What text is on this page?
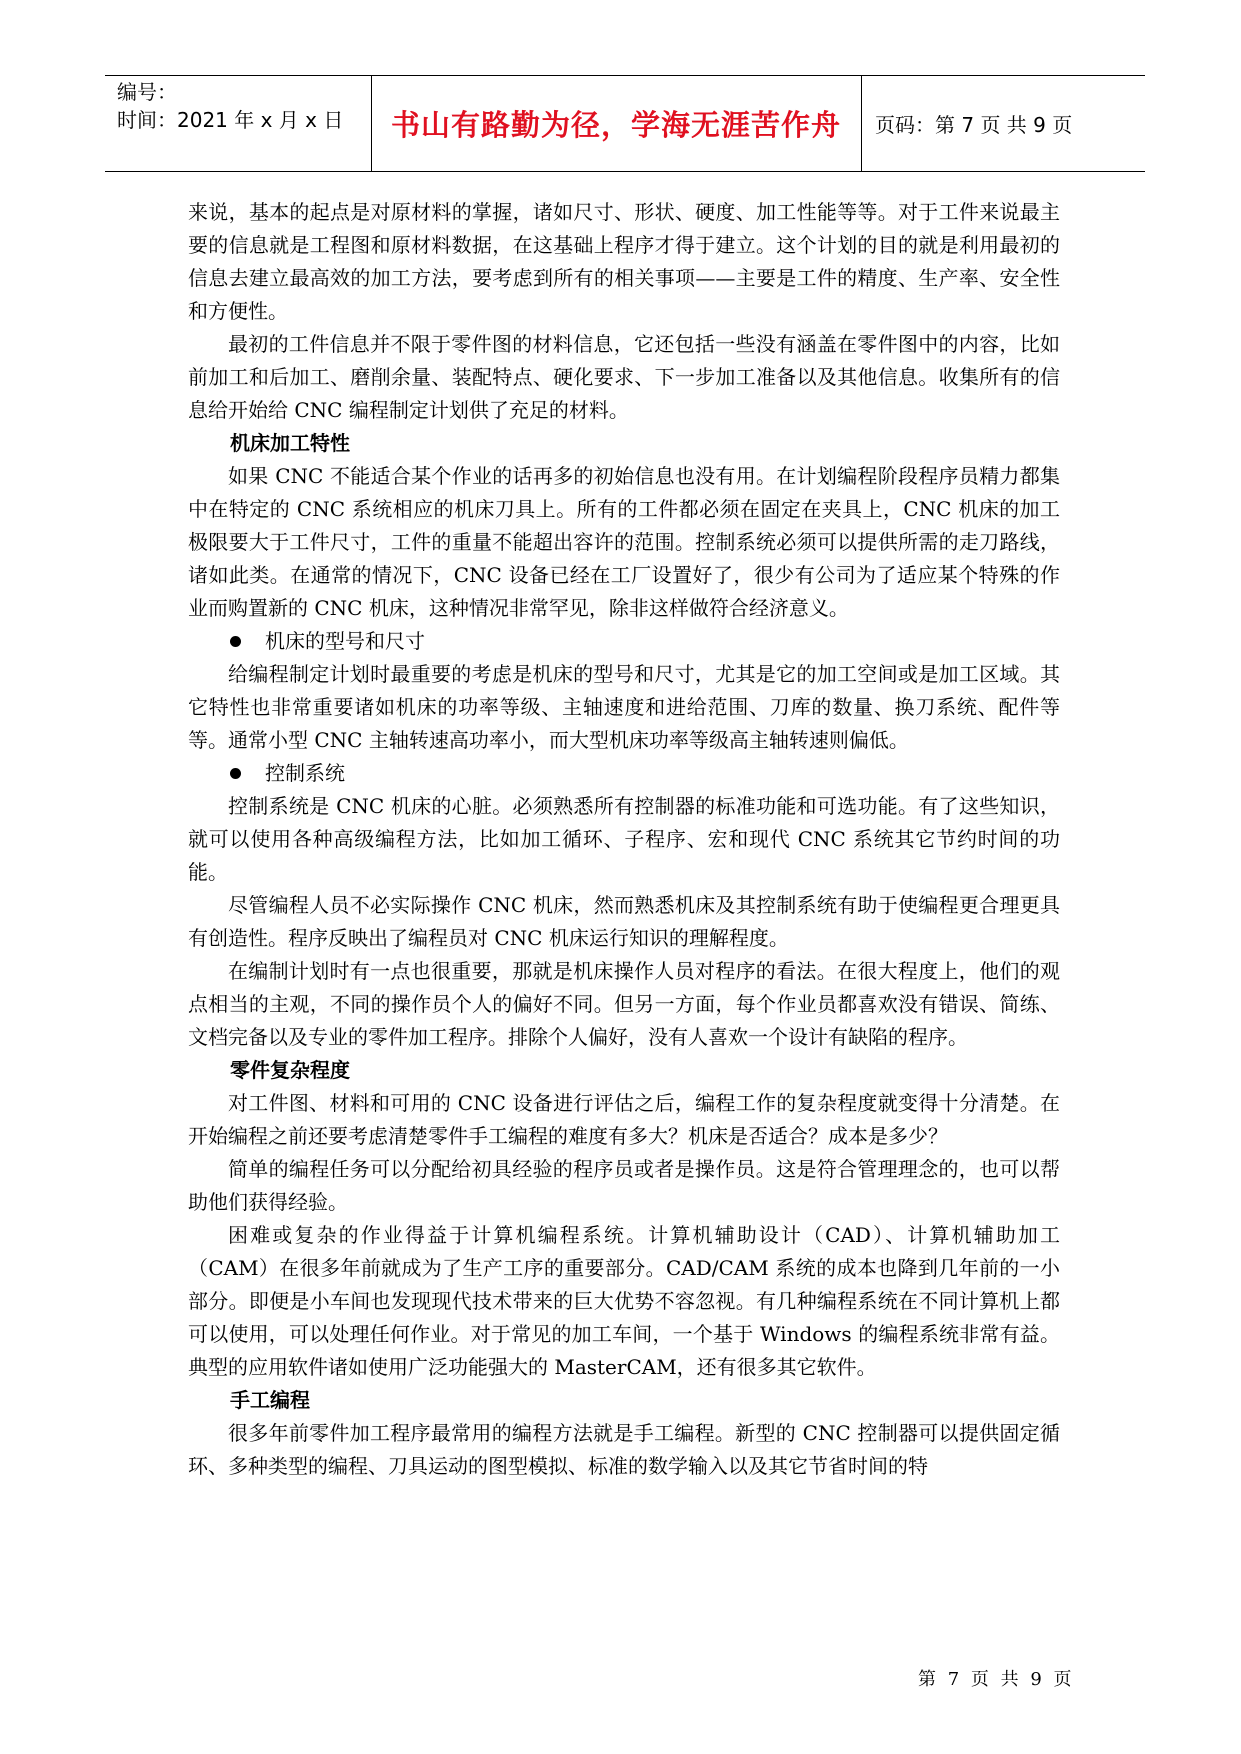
编号：
时间：2021 年 x 月 x 日	书山有路勤为径，学海无涯苦作舟	页码：第 7 页 共 9 页

来说，基本的起点是对原材料的掌握，诸如尺寸、形状、硬度、加工性能等等。对于工件来说最主要的信息就是工程图和原材料数据，在这基础上程序才得于建立。这个计划的目的就是利用最初的信息去建立最高效的加工方法，要考虑到所有的相关事项——主要是工件的精度、生产率、安全性和方便性。

最初的工件信息并不限于零件图的材料信息，它还包括一些没有涵盖在零件图中的内容，比如前加工和后加工、磨削余量、装配特点、硬化要求、下一步加工准备以及其他信息。收集所有的信息给开始给 CNC 编程制定计划供了充足的材料。

机床加工特性

如果 CNC 不能适合某个作业的话再多的初始信息也没有用。在计划编程阶段程序员精力都集中在特定的 CNC 系统相应的机床刀具上。所有的工件都必须在固定在夹具上，CNC 机床的加工极限要大于工件尺寸，工件的重量不能超出容许的范围。控制系统必须可以提供所需的走刀路线，诸如此类。在通常的情况下，CNC 设备已经在工厂设置好了，很少有公司为了适应某个特殊的作业而购置新的 CNC 机床，这种情况非常罕见，除非这样做符合经济意义。

机床的型号和尺寸

给编程制定计划时最重要的考虑是机床的型号和尺寸，尤其是它的加工空间或是加工区域。其它特性也非常重要诸如机床的功率等级、主轴速度和进给范围、刀库的数量、换刀系统、配件等等。通常小型 CNC 主轴转速高功率小，而大型机床功率等级高主轴转速则偏低。

控制系统

控制系统是 CNC 机床的心脏。必须熟悉所有控制器的标准功能和可选功能。有了这些知识，就可以使用各种高级编程方法，比如加工循环、子程序、宏和现代 CNC 系统其它节约时间的功能。

尽管编程人员不必实际操作 CNC 机床，然而熟悉机床及其控制系统有助于使编程更合理更具有创造性。程序反映出了编程员对 CNC 机床运行知识的理解程度。

在编制计划时有一点也很重要，那就是机床操作人员对程序的看法。在很大程度上，他们的观点相当的主观，不同的操作员个人的偏好不同。但另一方面，每个作业员都喜欢没有错误、简练、文档完备以及专业的零件加工程序。排除个人偏好，没有人喜欢一个设计有缺陷的程序。

零件复杂程度

对工件图、材料和可用的 CNC 设备进行评估之后，编程工作的复杂程度就变得十分清楚。在开始编程之前还要考虑清楚零件手工编程的难度有多大？机床是否适合？成本是多少？

简单的编程任务可以分配给初具经验的程序员或者是操作员。这是符合管理理念的，也可以帮助他们获得经验。

困难或复杂的作业得益于计算机编程系统。计算机辅助设计（CAD）、计算机辅助加工（CAM）在很多年前就成为了生产工序的重要部分。CAD/CAM 系统的成本也降到几年前的一小部分。即便是小车间也发现现代技术带来的巨大优势不容忽视。有几种编程系统在不同计算机上都可以使用，可以处理任何作业。对于常见的加工车间，一个基于 Windows 的编程系统非常有益。典型的应用软件诸如使用广泛功能强大的 MasterCAM，还有很多其它软件。

手工编程

很多年前零件加工程序最常用的编程方法就是手工编程。新型的 CNC 控制器可以提供固定循环、多种类型的编程、刀具运动的图型模拟、标准的数学输入以及其它节省时间的特

第 7 页 共 9 页
